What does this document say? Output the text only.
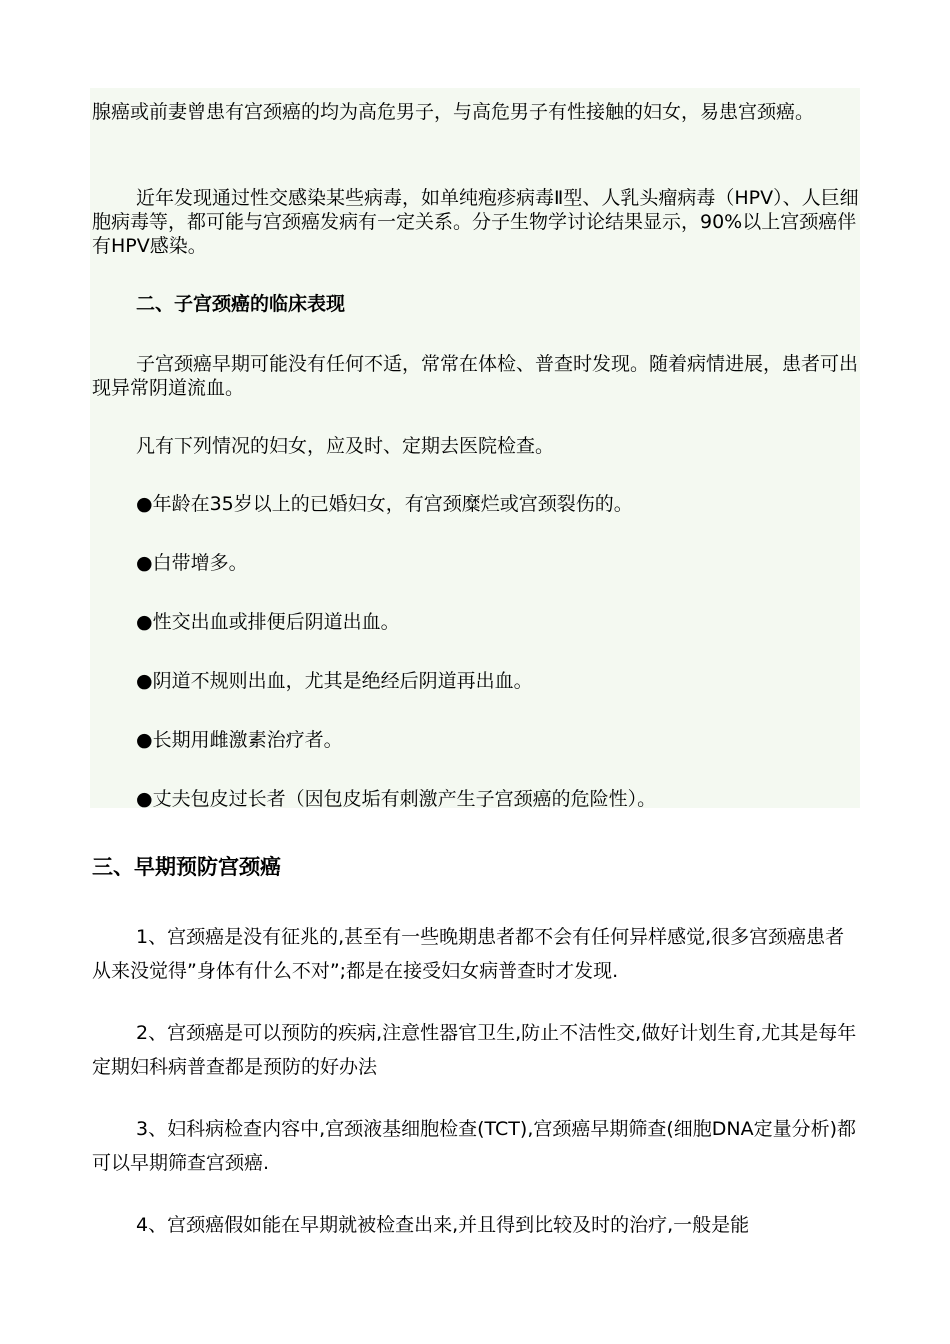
腺癌或前妻曾患有宫颈癌的均为高危男子，与高危男子有性接触的妇女，易患宫颈癌。
近年发现通过性交感染某些病毒，如单纯疱疹病毒Ⅱ型、人乳头瘤病毒（HPV）、人巨细胞病毒等，都可能与宫颈癌发病有一定关系。分子生物学讨论结果显示，90%以上宫颈癌伴有HPV感染。
二、子宫颈癌的临床表现
子宫颈癌早期可能没有任何不适，常常在体检、普查时发现。随着病情进展，患者可出现异常阴道流血。
凡有下列情况的妇女，应及时、定期去医院检查。
●年龄在35岁以上的已婚妇女，有宫颈糜烂或宫颈裂伤的。
●白带增多。
●性交出血或排便后阴道出血。
●阴道不规则出血，尤其是绝经后阴道再出血。
●长期用雌激素治疗者。
●丈夫包皮过长者（因包皮垢有刺激产生子宫颈癌的危险性）。
三、早期预防宫颈癌
1、宫颈癌是没有征兆的,甚至有一些晚期患者都不会有任何异样感觉,很多宫颈癌患者从来没觉得”身体有什么不对”;都是在接受妇女病普查时才发现.
2、宫颈癌是可以预防的疾病,注意性器官卫生,防止不洁性交,做好计划生育,尤其是每年定期妇科病普查都是预防的好办法
3、妇科病检查内容中,宫颈液基细胞检查(TCT),宫颈癌早期筛查(细胞DNA定量分析)都可以早期筛查宫颈癌.
4、宫颈癌假如能在早期就被检查出来,并且得到比较及时的治疗,一般是能
